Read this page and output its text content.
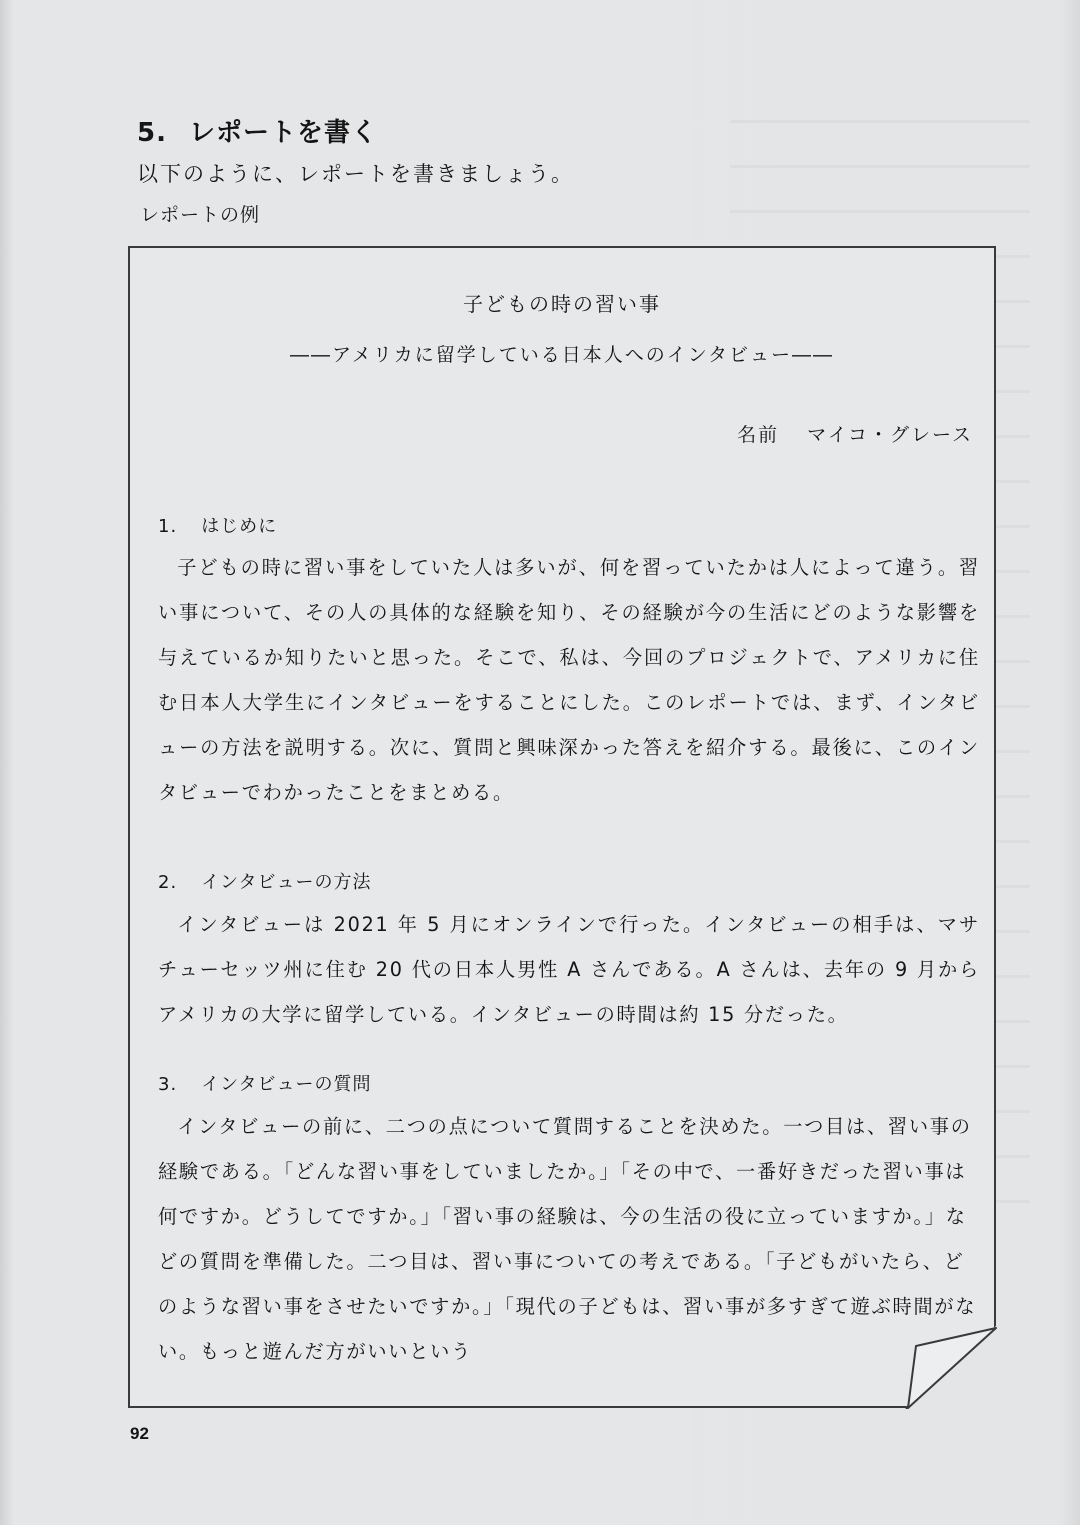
5. レポートを書く
以下のように、レポートを書きましょう。
レポートの例
子どもの時の習い事
――アメリカに留学している日本人へのインタビュー――
名前 マイコ・グレース
1. はじめに
子どもの時に習い事をしていた人は多いが、何を習っていたかは人によって違う。習い事について、その人の具体的な経験を知り、その経験が今の生活にどのような影響を与えているか知りたいと思った。そこで、私は、今回のプロジェクトで、アメリカに住む日本人大学生にインタビューをすることにした。このレポートでは、まず、インタビューの方法を説明する。次に、質問と興味深かった答えを紹介する。最後に、このインタビューでわかったことをまとめる。
2. インタビューの方法
インタビューは 2021 年 5 月にオンラインで行った。インタビューの相手は、マサチューセッツ州に住む 20 代の日本人男性 A さんである。A さんは、去年の 9 月からアメリカの大学に留学している。インタビューの時間は約 15 分だった。
3. インタビューの質問
インタビューの前に、二つの点について質問することを決めた。一つ目は、習い事の経験である。「どんな習い事をしていましたか。」「その中で、一番好きだった習い事は何ですか。どうしてですか。」「習い事の経験は、今の生活の役に立っていますか。」などの質問を準備した。二つ目は、習い事についての考えである。「子どもがいたら、どのような習い事をさせたいですか。」「現代の子どもは、習い事が多すぎて遊ぶ時間がない。もっと遊んだ方がいいという
92
